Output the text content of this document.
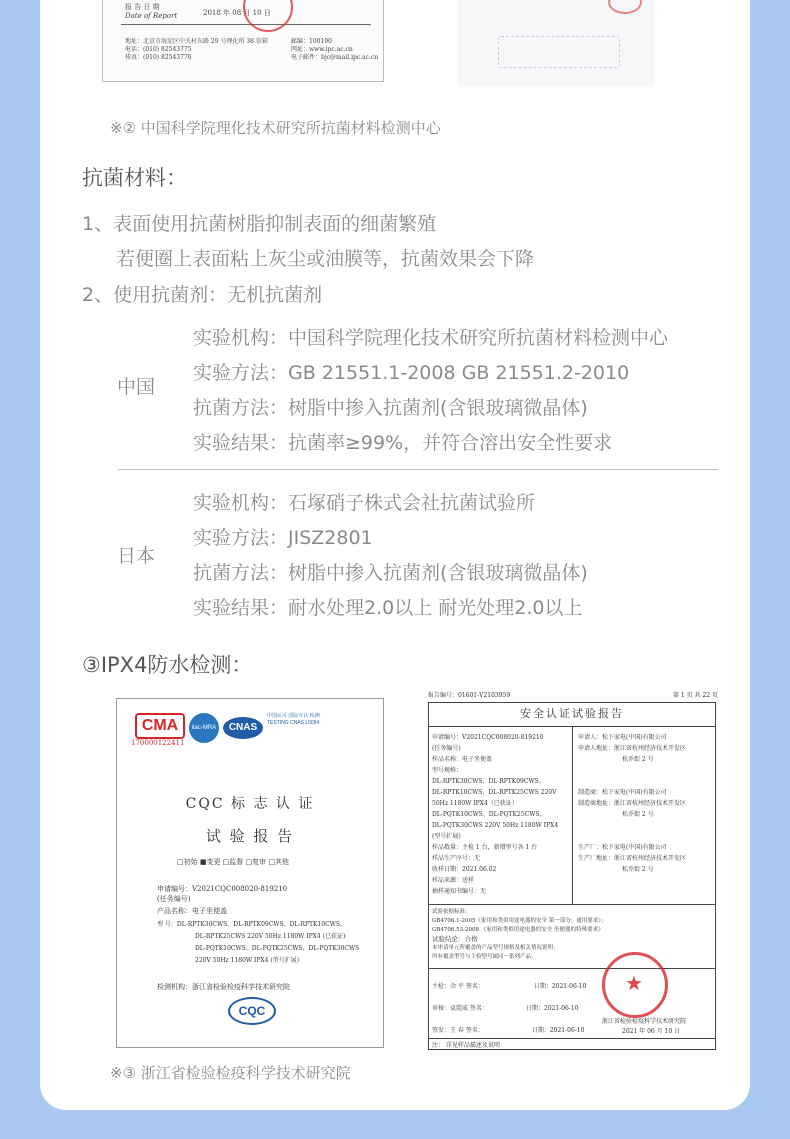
报 告 日 期
Date of Report	2018 年 08 月 10 日
地址：北京市海淀区中关村东路 29 号理化所 38 信箱	邮编：100190
电话：(010) 82543775	网址：www.ipc.ac.cn
传真：(010) 82543776	电子邮件：bjc@mail.ipc.ac.cn
※② 中国科学院理化技术研究所抗菌材料检测中心
抗菌材料：
1、表面使用抗菌树脂抑制表面的细菌繁殖
若便圈上表面粘上灰尘或油膜等，抗菌效果会下降
2、使用抗菌剂：无机抗菌剂
中国
实验机构：中国科学院理化技术研究所抗菌材料检测中心
实验方法：GB 21551.1-2008 GB 21551.2-2010
抗菌方法：树脂中掺入抗菌剂(含银玻璃微晶体)
实验结果：抗菌率≥99%，并符合溶出安全性要求
日本
实验机构：石塚硝子株式会社抗菌试验所
实验方法：JISZ2801
抗菌方法：树脂中掺入抗菌剂(含银玻璃微晶体)
实验结果：耐水处理2.0以上 耐光处理2.0以上
③IPX4防水检测：
CMA
170000122411
ilac-MRA	CNAS
中国认可 国际互认 检测 TESTING CNAS L0054
CQC 标 志 认 证
试 验 报 告
□初始 ■变更 □监督 □复审 □其他
申请编号：V2021CQC008020-819210
(任务编号)
产品名称：电子坐便盖
型 号：DL-RPTK30CWS、DL-RPTK09CWS、DL-RPTK10CWS、
DL-RPTK25CWS 220V 50Hz 1180W IPX4 (已获证)
DL-PQTK10CWS、DL-PQTK25CWS、DL-PQTK30CWS
220V 50Hz 1180W IPX4 (型号扩展)
检测机构：浙江省检验检疫科学技术研究院
CQC
报告编号：01601-V2103959	第 1 页 共 22 页
安全认证试验报告
申请编号：V2021CQC008020-819210
(任务编号)
样品名称：电子坐便盖
型号规格：
DL-RPTK30CWS、DL-RPTK09CWS、
DL-RPTK10CWS、DL-RPTK25CWS 220V
50Hz 1180W IPX4（已获证）
DL-PQTK10CWS、DL-PQTK25CWS、
DL-PQTK30CWS 220V 50Hz 1180W IPX4
(型号扩展)
样品数量：主检 1 台，新增型号各 1 台
样品生产序号：无
收样日期：2021.06.02
样品来源：送样
抽样通知书编号：无
申请人：松下家电(中国)有限公司
申请人地址：浙江省杭州经济技术开发区
松乔街 2 号
制造商：松下家电(中国)有限公司
制造商地址：浙江省杭州经济技术开发区
松乔街 2 号
生产厂：松下家电(中国)有限公司
生产厂地址：浙江省杭州经济技术开发区
松乔街 2 号
试验依据标准：
GB4706.1-2005《家用和类似用途电器的安全 第一部分：通用要求》；
GB4706.53-2008 《家用和类似用途电器的安全 坐便器的特殊要求》
试验结论：合格
本申请单元所覆盖的产品型号规格及相关情况说明：
所有覆盖型号与主检型号属同一系列产品。
主检：余 平 签名：	日期：2021-06-10
审核：袁霞威 签名：	日期：2021-06-10
签发：王 春 签名：	日期：2021-06-10
浙江省检验检疫科学技术研究院
2021 年 06 月 10 日
★
注： 详见样品描述及说明
※③ 浙江省检验检疫科学技术研究院
